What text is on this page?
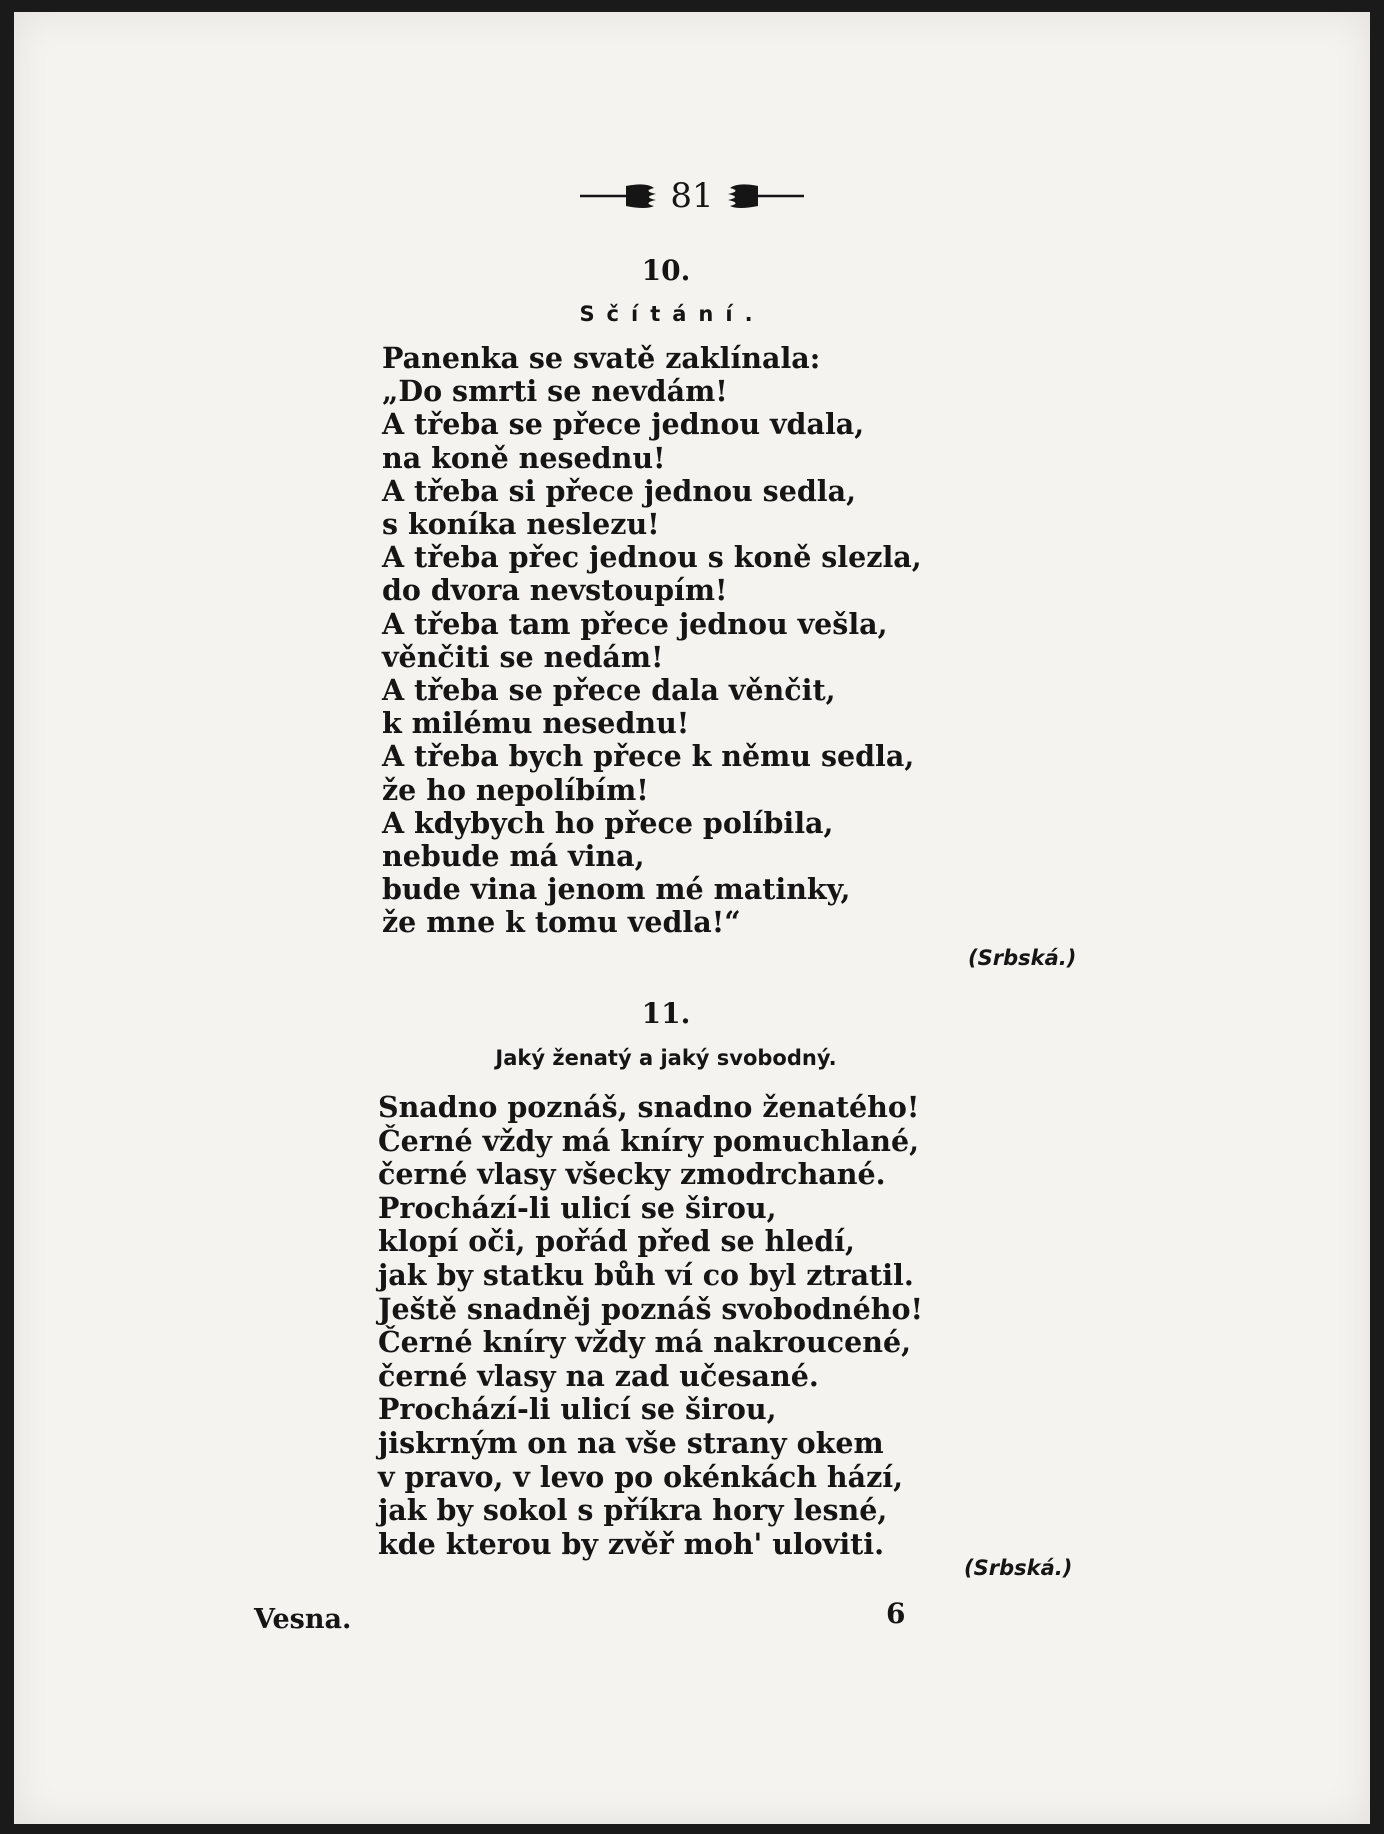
81
10.
Sčítání.
Panenka se svatě zaklínala:
„Do smrti se nevdám!
A třeba se přece jednou vdala,
na koně nesednu!
A třeba si přece jednou sedla,
s koníka neslezu!
A třeba přec jednou s koně slezla,
do dvora nevstoupím!
A třeba tam přece jednou vešla,
věnčiti se nedám!
A třeba se přece dala věnčit,
k milému nesednu!
A třeba bych přece k němu sedla,
že ho nepolíbím!
A kdybych ho přece políbila,
nebude má vina,
bude vina jenom mé matinky,
že mne k tomu vedla!“
(Srbská.)
11.
Jaký ženatý a jaký svobodný.
Snadno poznáš, snadno ženatého!
Černé vždy má kníry pomuchlané,
černé vlasy všecky zmodrchané.
Prochází-li ulicí se širou,
klopí oči, pořád před se hledí,
jak by statku bůh ví co byl ztratil.
Ještě snadněj poznáš svobodného!
Černé kníry vždy má nakroucené,
černé vlasy na zad učesané.
Prochází-li ulicí se širou,
jiskrným on na vše strany okem
v pravo, v levo po okénkách hází,
jak by sokol s příkra hory lesné,
kde kterou by zvěř moh' uloviti.
(Srbská.)
Vesna.	6
